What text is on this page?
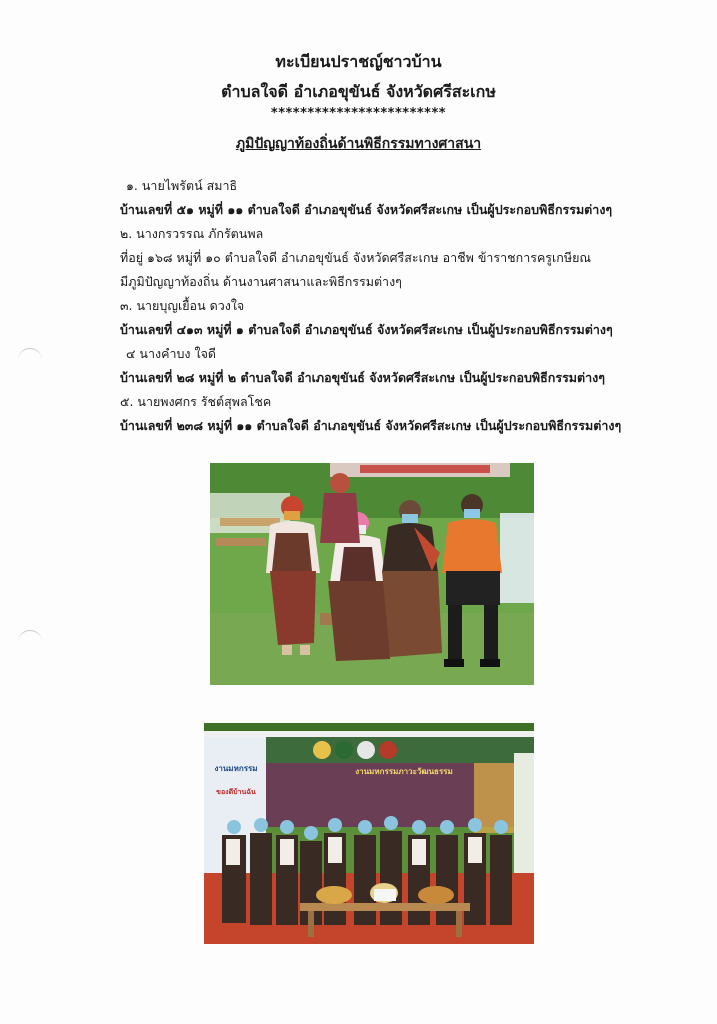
ทะเบียนปราชญ์ชาวบ้าน
ตำบลใจดี อำเภอขุขันธ์ จังหวัดศรีสะเกษ
************************
ภูมิปัญญาท้องถิ่นด้านพิธีกรรมทางศาสนา
๑. นายไพรัตน์ สมาธิ
บ้านเลขที่ ๕๑ หมู่ที่ ๑๑ ตำบลใจดี อำเภอขุขันธ์ จังหวัดศรีสะเกษ เป็นผู้ประกอบพิธีกรรมต่างๆ
๒. นางกรวรรณ ภักรัตนพล
ที่อยู่ ๑๖๘ หมู่ที่ ๑๐ ตำบลใจดี อำเภอขุขันธ์ จังหวัดศรีสะเกษ อาชีพ ข้าราชการครูเกษียณ
มีภูมิปัญญาท้องถิ่น ด้านงานศาสนาและพิธีกรรมต่างๆ
๓. นายบุญเยื้อน ดวงใจ
บ้านเลขที่ ๔๑๓ หมู่ที่ ๑ ตำบลใจดี อำเภอขุขันธ์ จังหวัดศรีสะเกษ เป็นผู้ประกอบพิธีกรรมต่างๆ
๔ นางคำบง ใจดี
บ้านเลขที่ ๒๘ หมู่ที่ ๒ ตำบลใจดี อำเภอขุขันธ์ จังหวัดศรีสะเกษ เป็นผู้ประกอบพิธีกรรมต่างๆ
๕. นายพงศกร รัชต์สุพลโชค
บ้านเลขที่ ๒๓๘ หมู่ที่ ๑๑ ตำบลใจดี อำเภอขุขันธ์ จังหวัดศรีสะเกษ เป็นผู้ประกอบพิธีกรรมต่างๆ
งานมหกรรม
ของดีบ้านฉัน
งานมหกรรมภาวะวัฒนธรรม
